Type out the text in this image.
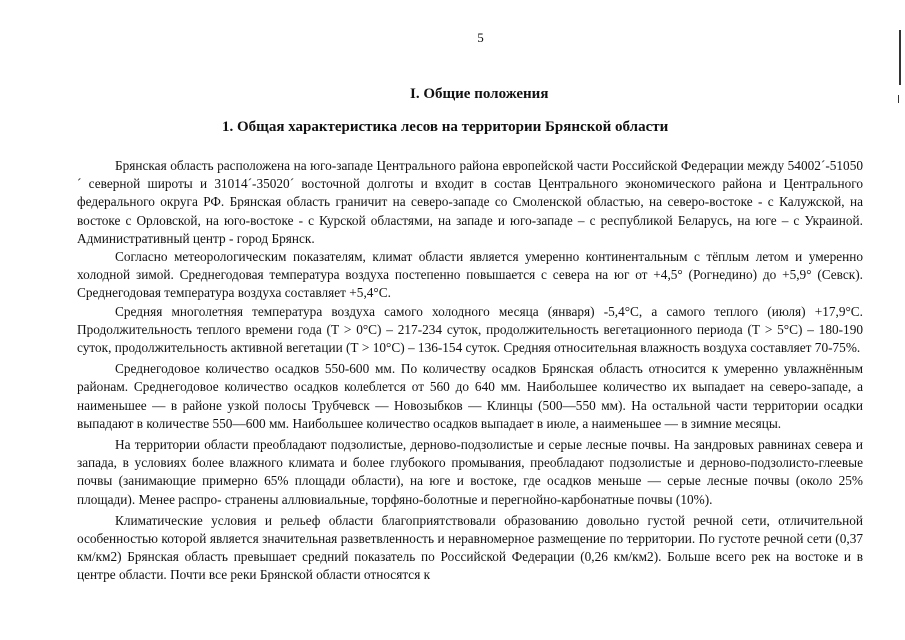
5
I. Общие положения
1. Общая характеристика лесов на территории Брянской области

Брянская область расположена на юго-западе Центрального района европейской части Российской Федерации между 54002´-51050´ северной широты и 31014´-35020´ восточной долготы и входит в состав Центрального экономического района и Центрального федерального округа РФ. Брянская область граничит на северо-западе со Смоленской областью, на северо-востоке - с Калужской, на востоке с Орловской, на юго-востоке - с Курской областями, на западе и юго-западе – с республикой Беларусь, на юге – с Украиной. Административный центр - город Брянск.

Согласно метеорологическим показателям, климат области является умеренно континентальным с тёплым летом и умеренно холодной зимой. Среднегодовая температура воздуха постепенно повышается с севера на юг от +4,5° (Рогнедино) до +5,9° (Севск). Среднегодовая температура воздуха составляет +5,4°С.

Средняя многолетняя температура воздуха самого холодного месяца (января) -5,4°С, а самого теплого (июля) +17,9°С. Продолжительность теплого времени года (Т > 0°С) – 217-234 суток, продолжительность вегетационного периода (Т > 5°С) – 180-190 суток, продолжительность активной вегетации (Т > 10°С) – 136-154 суток. Средняя относительная влажность воздуха составляет 70-75%.

Среднегодовое количество осадков 550-600 мм. По количеству осадков Брянская область относится к умеренно увлажнённым районам. Среднегодовое количество осадков колеблется от 560 до 640 мм. Наибольшее количество их выпадает на северо-западе, а наименьшее — в районе узкой полосы Трубчевск — Новозыбков — Клинцы (500—550 мм). На остальной части территории осадки выпадают в количестве 550—600 мм. Наибольшее количество осадков выпадает в июле, а наименьшее — в зимние месяцы.

На территории области преобладают подзолистые, дерново-подзолистые и серые лесные почвы. На зандровых равнинах севера и запада, в условиях более влажного климата и более глубокого промывания, преобладают подзолистые и дерново-подзолисто-глеевые почвы (занимающие примерно 65% площади области), на юге и востоке, где осадков меньше — серые лесные почвы (около 25% площади). Менее распро- странены аллювиальные, торфяно-болотные и перегнойно-карбонатные почвы (10%).

Климатические условия и рельеф области благоприятствовали образованию довольно густой речной сети, отличительной особенностью которой является значительная разветвленность и неравномерное размещение по территории. По густоте речной сети (0,37 км/км2) Брянская область превышает средний показатель по Российской Федерации (0,26 км/км2). Больше всего рек на востоке и в центре области. Почти все реки Брянской области относятся к
